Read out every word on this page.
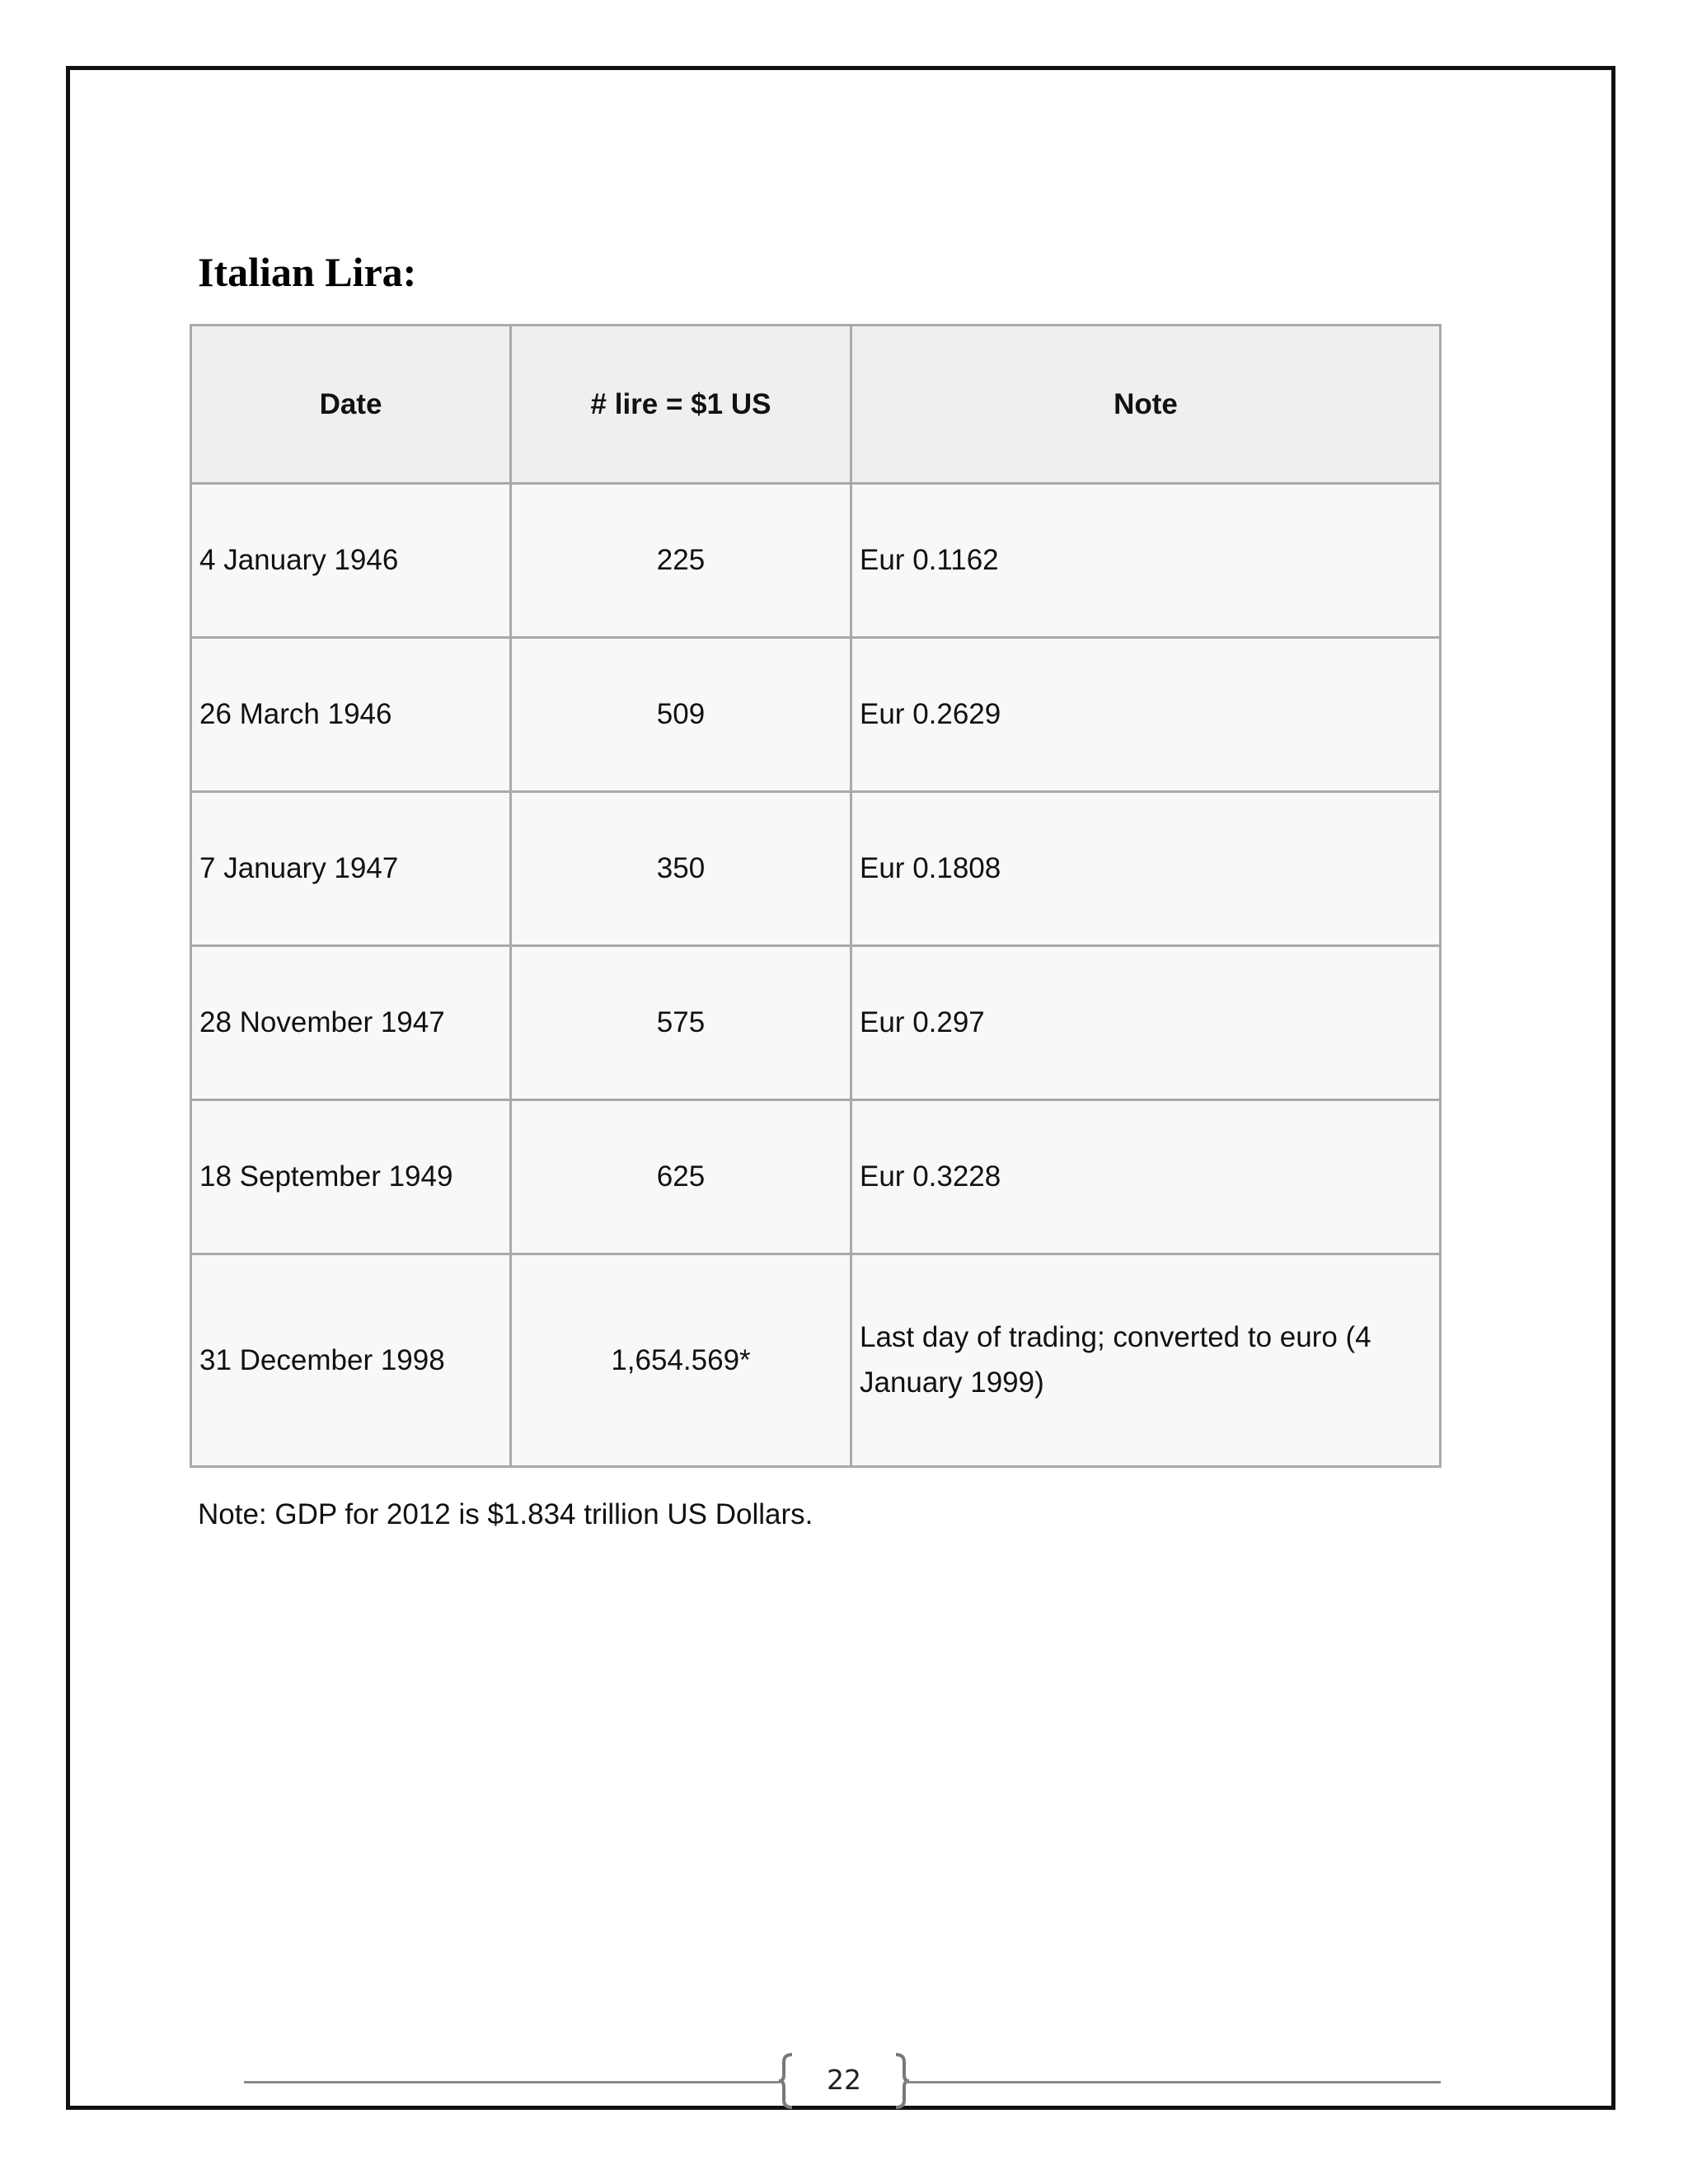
Italian Lira:
Date	# lire = $1 US	Note
4 January 1946	225	Eur 0.1162
26 March 1946	509	Eur 0.2629
7 January 1947	350	Eur 0.1808
28 November 1947	575	Eur 0.297
18 September 1949	625	Eur 0.3228
31 December 1998	1,654.569*	Last day of trading; converted to euro (4 January 1999)

Note: GDP for 2012 is $1.834 trillion US Dollars.

22
